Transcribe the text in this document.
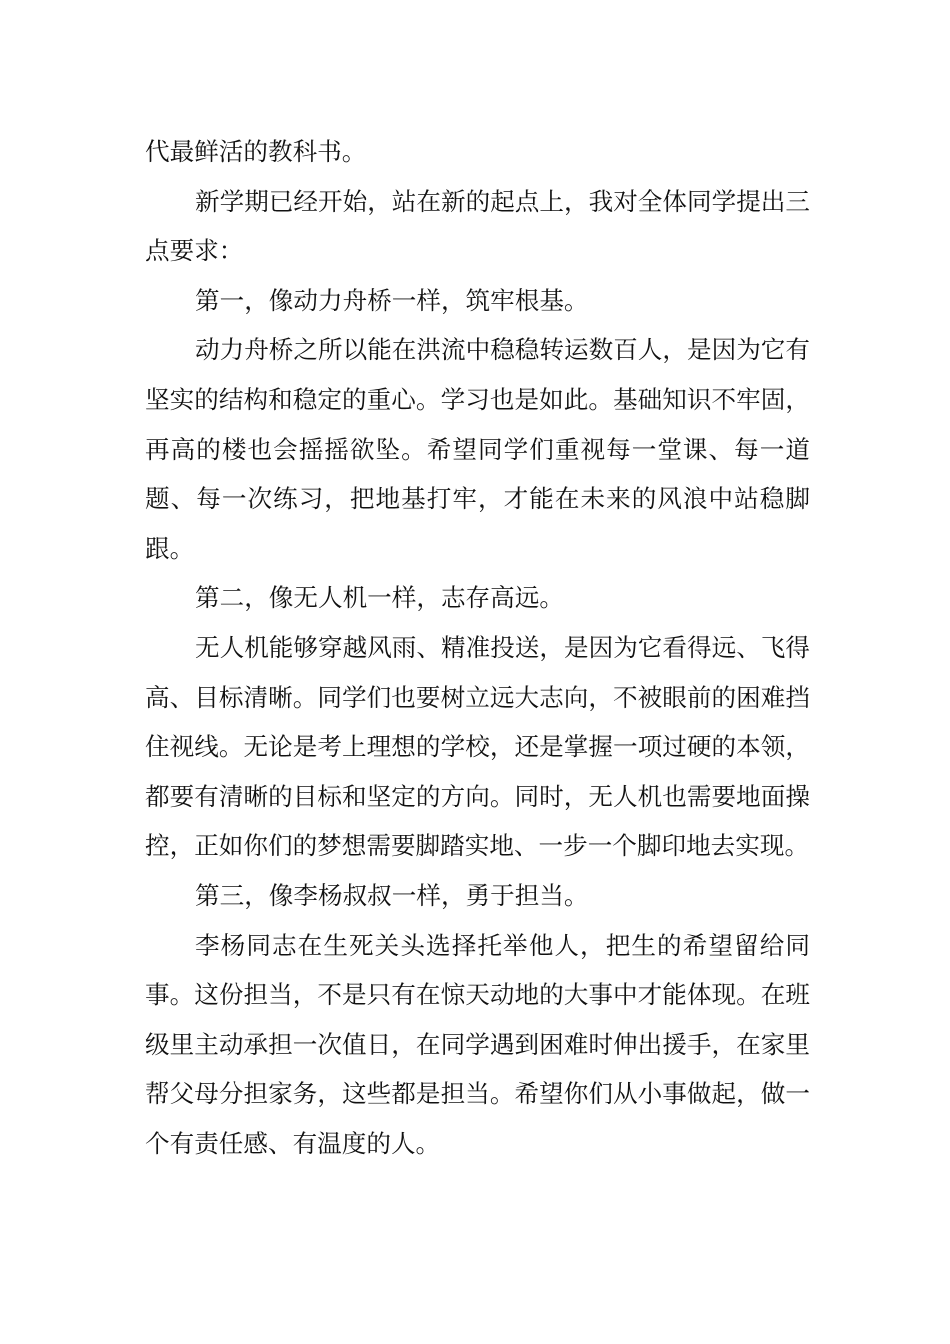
代最鲜活的教科书。

新学期已经开始，站在新的起点上，我对全体同学提出三点要求：

第一，像动力舟桥一样，筑牢根基。

动力舟桥之所以能在洪流中稳稳转运数百人，是因为它有坚实的结构和稳定的重心。学习也是如此。基础知识不牢固，再高的楼也会摇摇欲坠。希望同学们重视每一堂课、每一道题、每一次练习，把地基打牢，才能在未来的风浪中站稳脚跟。

第二，像无人机一样，志存高远。

无人机能够穿越风雨、精准投送，是因为它看得远、飞得高、目标清晰。同学们也要树立远大志向，不被眼前的困难挡住视线。无论是考上理想的学校，还是掌握一项过硬的本领，都要有清晰的目标和坚定的方向。同时，无人机也需要地面操控，正如你们的梦想需要脚踏实地、一步一个脚印地去实现。

第三，像李杨叔叔一样，勇于担当。

李杨同志在生死关头选择托举他人，把生的希望留给同事。这份担当，不是只有在惊天动地的大事中才能体现。在班级里主动承担一次值日，在同学遇到困难时伸出援手，在家里帮父母分担家务，这些都是担当。希望你们从小事做起，做一个有责任感、有温度的人。
